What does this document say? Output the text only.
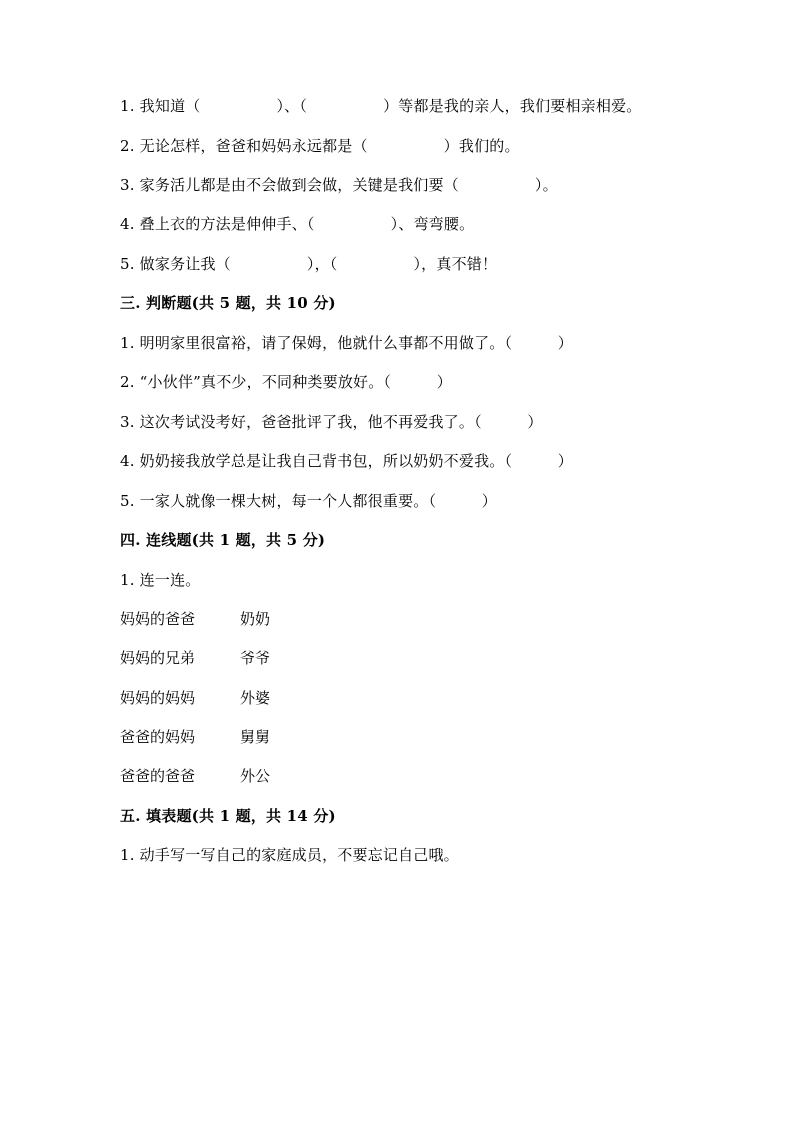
1. 我知道（　　　　　）、（　　　　　）等都是我的亲人，我们要相亲相爱。
2. 无论怎样，爸爸和妈妈永远都是（　　　　　）我们的。
3. 家务活儿都是由不会做到会做，关键是我们要（　　　　　）。
4. 叠上衣的方法是伸伸手、（　　　　　）、弯弯腰。
5. 做家务让我（　　　　　），（　　　　　），真不错！
三. 判断题(共 5 题，共 10 分)
1. 明明家里很富裕，请了保姆，他就什么事都不用做了。（　　　）
2. “小伙伴”真不少，不同种类要放好。（　　　）
3. 这次考试没考好，爸爸批评了我，他不再爱我了。（　　　）
4. 奶奶接我放学总是让我自己背书包，所以奶奶不爱我。（　　　）
5. 一家人就像一棵大树，每一个人都很重要。（　　　）
四. 连线题(共 1 题，共 5 分)
1. 连一连。
妈妈的爸爸	奶奶
妈妈的兄弟	爷爷
妈妈的妈妈	外婆
爸爸的妈妈	舅舅
爸爸的爸爸	外公
五. 填表题(共 1 题，共 14 分)
1. 动手写一写自己的家庭成员，不要忘记自己哦。
